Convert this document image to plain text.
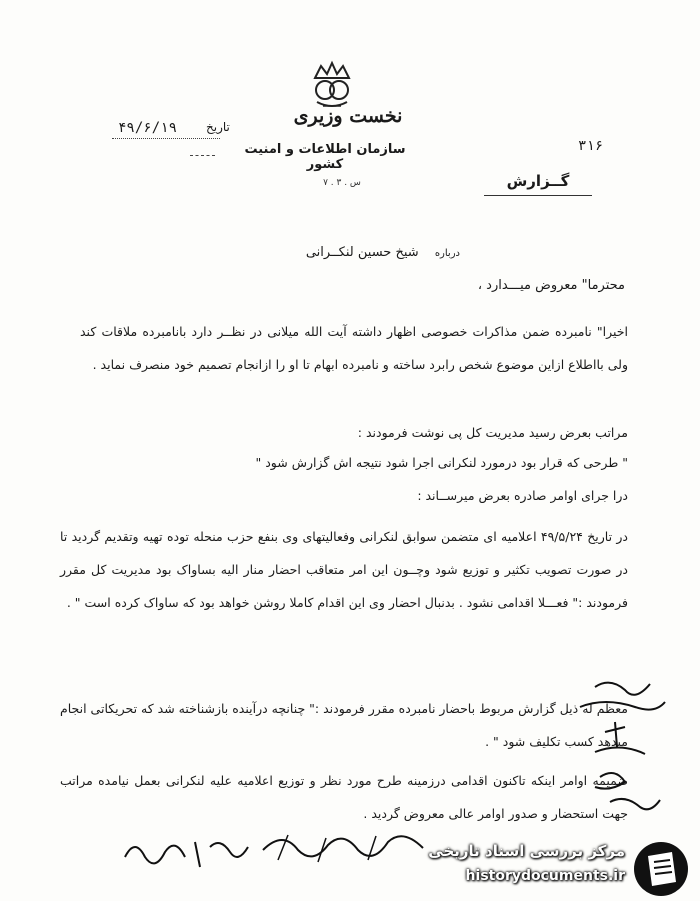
نخست وزیری
سازمان اطلاعات و امنیت کشور
س . ۳ . ۷
۴۹/۶/۱۹ تاریخ
۳۱۶
گــزارش
درباره شیخ حسین لنکــرانی
محترما" معروض میـــدارد ،
اخیرا" نامبرده ضمن مذاکرات خصوصی اظهار داشته آیت الله میلانی در نظــر دارد بانامبرده ملاقات کند ولی بااطلاع ازاین موضوع شخص رابرد ساخته و نامبرده ابهام تا او را ازانجام تصمیم خود منصرف نماید .
مراتب بعرض رسید مدیریت کل پی نوشت فرمودند :
" طرحی که قرار بود درمورد لنکرانی اجرا شود نتیجه اش گزارش شود "
درا جرای اوامر صادره بعرض میرســاند :
در تاریخ ۴۹/۵/۲۴ اعلامیه ای متضمن سوابق لنکرانی وفعالیتهای وی بنفع حزب منحله توده تهیه وتقدیم گردید تا در صورت تصویب تکثیر و توزیع شود وچــون این امر متعاقب احضار منار الیه بساواک بود مدیریت کل مقرر فرمودند :" فعـــلا اقدامی نشود . بدنبال احضار وی این اقدام کاملا روشن خواهد بود که ساواک کرده است " .
معظم له ذیل گزارش مربوط باحضار نامبرده مقرر فرمودند :" چنانچه درآینده بازشناخته شد که تحریکاتی انجام میدهد کسب تکلیف شود " .
ضمیمه اوامر اینکه تاکنون اقدامی درزمینه طرح مورد نظر و توزیع اعلامیه علیه لنکرانی بعمل نیامده مراتب جهت استحضار و صدور اوامر عالی معروض گردید .
مرکز بررسی اسناد تاریخی
historydocuments.ir
